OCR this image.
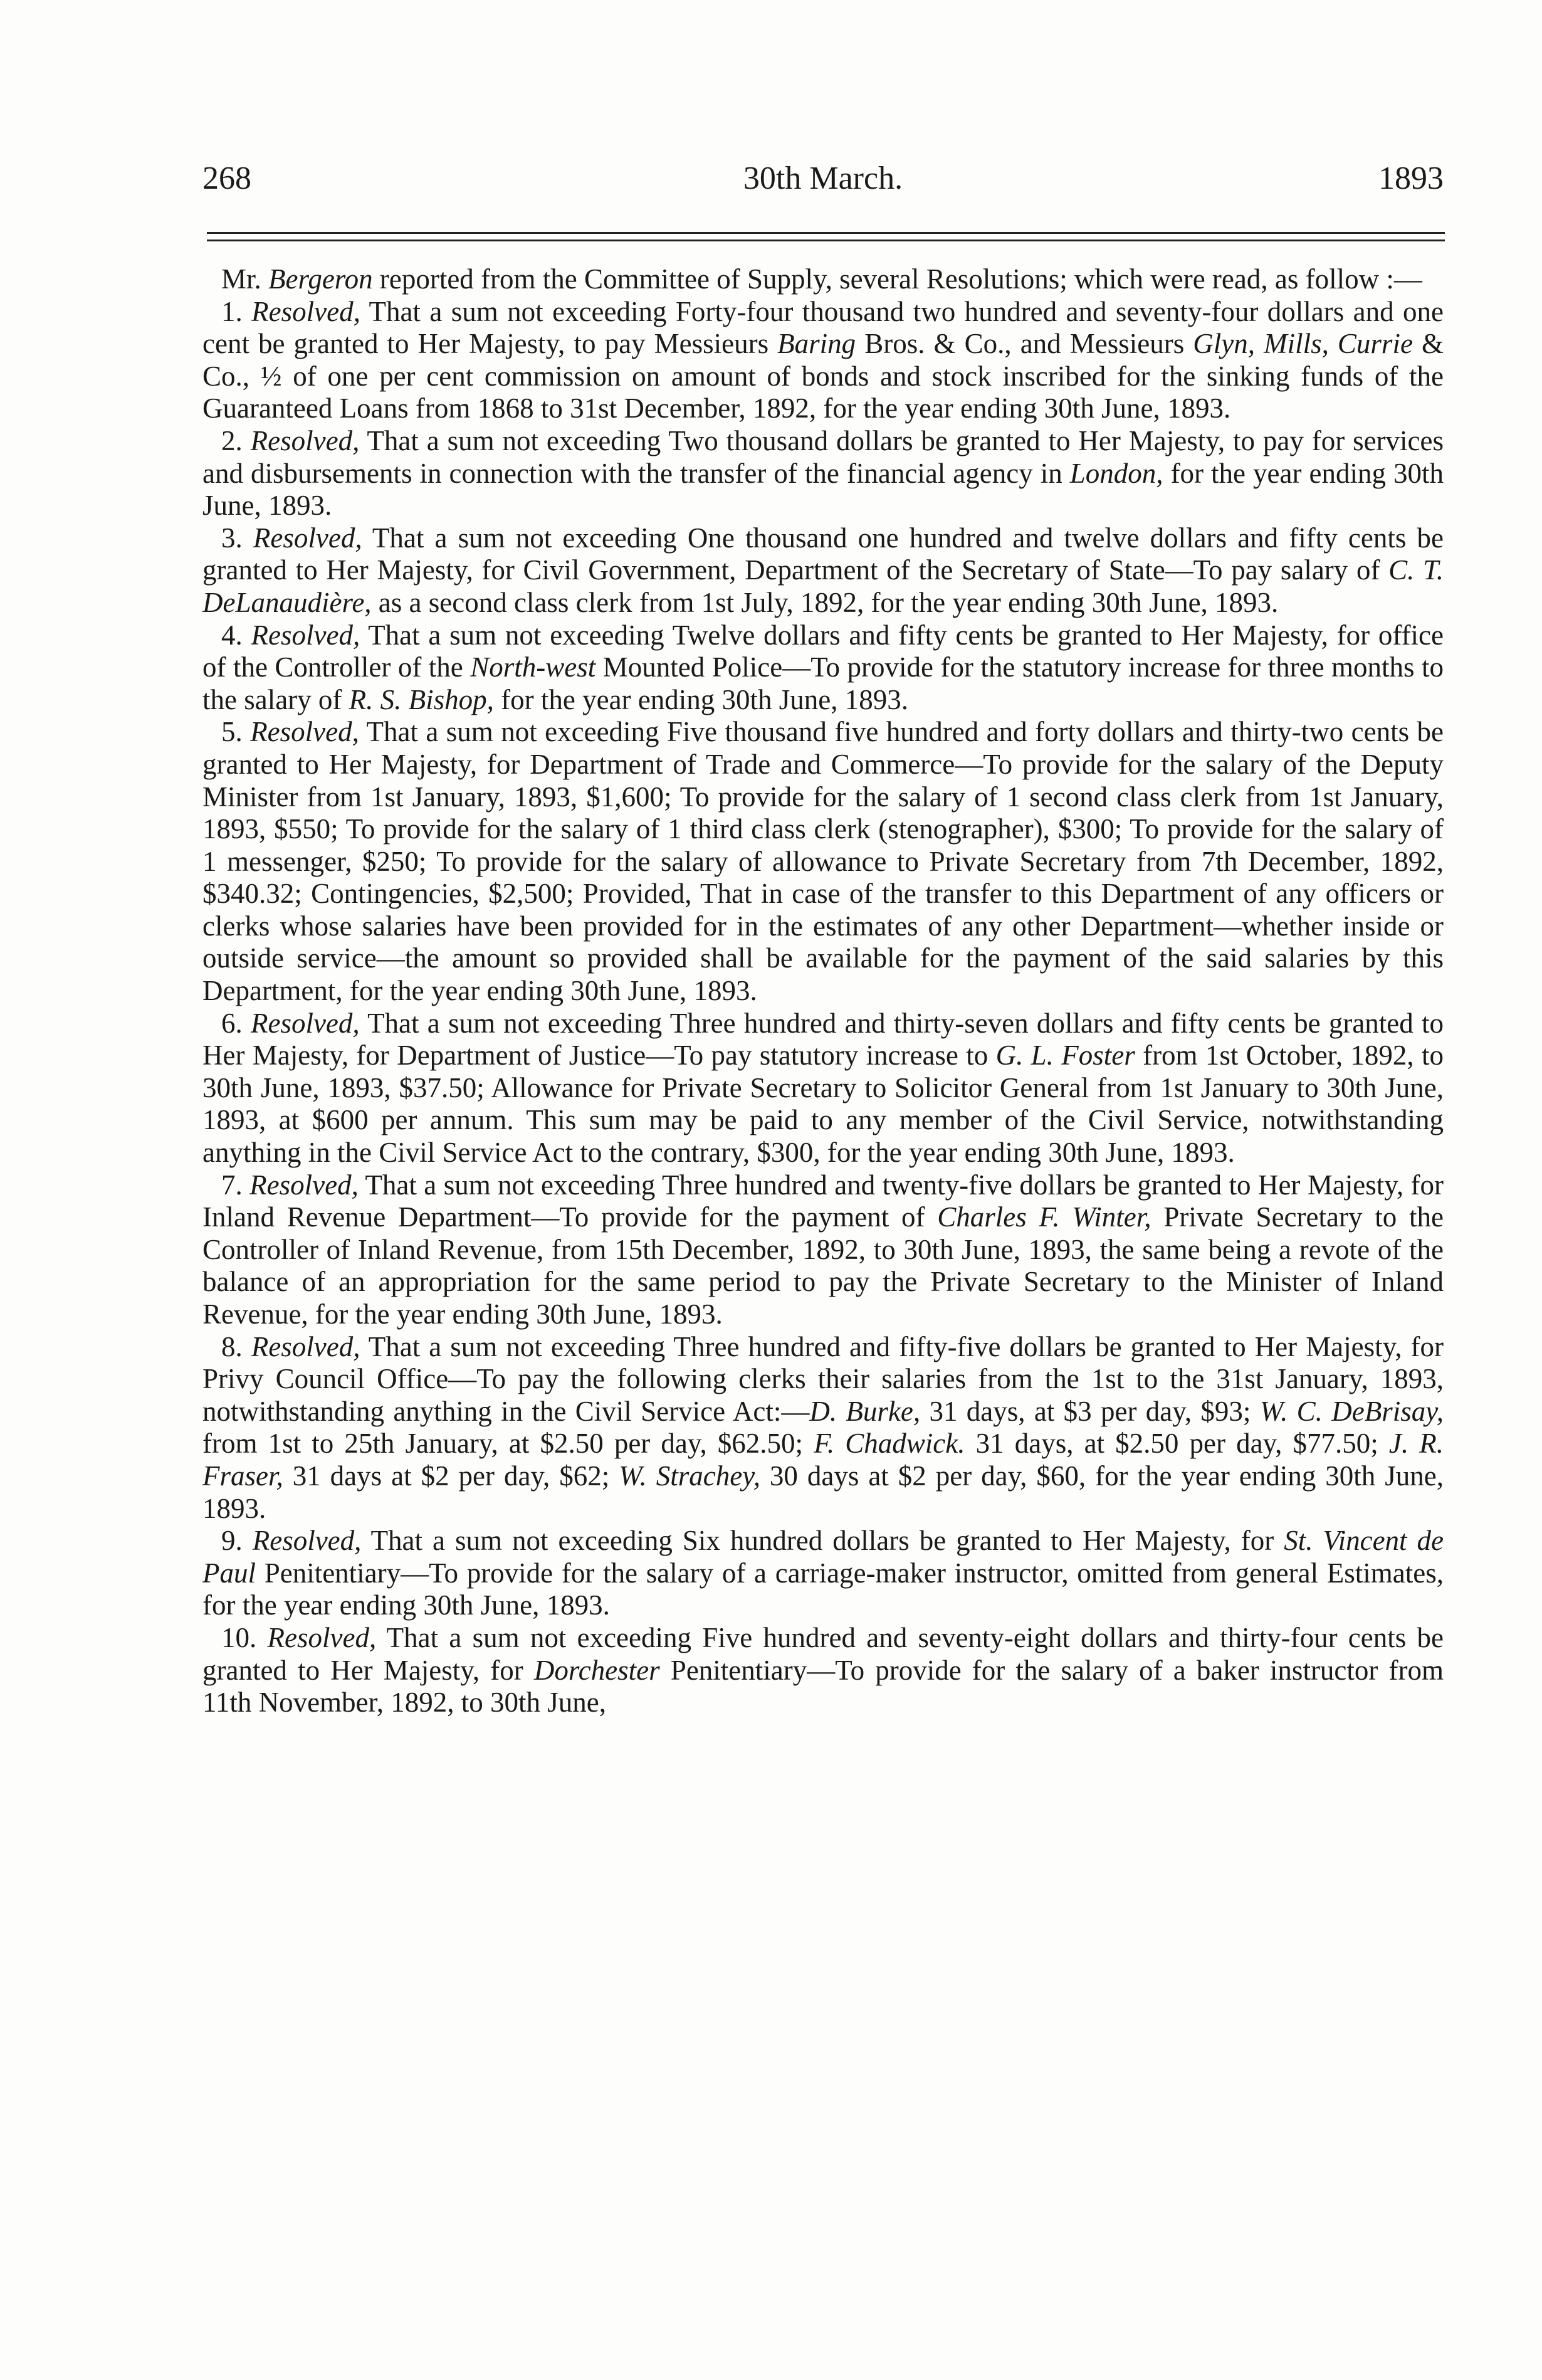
268	30th March.	1893

Mr. Bergeron reported from the Committee of Supply, several Resolutions; which were read, as follow :—

1. Resolved, That a sum not exceeding Forty-four thousand two hundred and seventy-four dollars and one cent be granted to Her Majesty, to pay Messieurs Baring Bros. & Co., and Messieurs Glyn, Mills, Currie & Co., ½ of one per cent commission on amount of bonds and stock inscribed for the sinking funds of the Guaranteed Loans from 1868 to 31st December, 1892, for the year ending 30th June, 1893.

2. Resolved, That a sum not exceeding Two thousand dollars be granted to Her Majesty, to pay for services and disbursements in connection with the transfer of the financial agency in London, for the year ending 30th June, 1893.

3. Resolved, That a sum not exceeding One thousand one hundred and twelve dollars and fifty cents be granted to Her Majesty, for Civil Government, Department of the Secretary of State—To pay salary of C. T. DeLanaudière, as a second class clerk from 1st July, 1892, for the year ending 30th June, 1893.

4. Resolved, That a sum not exceeding Twelve dollars and fifty cents be granted to Her Majesty, for office of the Controller of the North-west Mounted Police—To provide for the statutory increase for three months to the salary of R. S. Bishop, for the year ending 30th June, 1893.

5. Resolved, That a sum not exceeding Five thousand five hundred and forty dollars and thirty-two cents be granted to Her Majesty, for Department of Trade and Commerce—To provide for the salary of the Deputy Minister from 1st January, 1893, $1,600; To provide for the salary of 1 second class clerk from 1st January, 1893, $550; To provide for the salary of 1 third class clerk (stenographer), $300; To provide for the salary of 1 messenger, $250; To provide for the salary of allowance to Private Secretary from 7th December, 1892, $340.32; Contingencies, $2,500; Provided, That in case of the transfer to this Department of any officers or clerks whose salaries have been provided for in the estimates of any other Department—whether inside or outside service—the amount so provided shall be available for the payment of the said salaries by this Department, for the year ending 30th June, 1893.

6. Resolved, That a sum not exceeding Three hundred and thirty-seven dollars and fifty cents be granted to Her Majesty, for Department of Justice—To pay statutory increase to G. L. Foster from 1st October, 1892, to 30th June, 1893, $37.50; Allowance for Private Secretary to Solicitor General from 1st January to 30th June, 1893, at $600 per annum. This sum may be paid to any member of the Civil Service, notwithstanding anything in the Civil Service Act to the contrary, $300, for the year ending 30th June, 1893.

7. Resolved, That a sum not exceeding Three hundred and twenty-five dollars be granted to Her Majesty, for Inland Revenue Department—To provide for the payment of Charles F. Winter, Private Secretary to the Controller of Inland Revenue, from 15th December, 1892, to 30th June, 1893, the same being a revote of the balance of an appropriation for the same period to pay the Private Secretary to the Minister of Inland Revenue, for the year ending 30th June, 1893.

8. Resolved, That a sum not exceeding Three hundred and fifty-five dollars be granted to Her Majesty, for Privy Council Office—To pay the following clerks their salaries from the 1st to the 31st January, 1893, notwithstanding anything in the Civil Service Act:—D. Burke, 31 days, at $3 per day, $93; W. C. DeBrisay, from 1st to 25th January, at $2.50 per day, $62.50; F. Chadwick. 31 days, at $2.50 per day, $77.50; J. R. Fraser, 31 days at $2 per day, $62; W. Strachey, 30 days at $2 per day, $60, for the year ending 30th June, 1893.

9. Resolved, That a sum not exceeding Six hundred dollars be granted to Her Majesty, for St. Vincent de Paul Penitentiary—To provide for the salary of a carriage-maker instructor, omitted from general Estimates, for the year ending 30th June, 1893.

10. Resolved, That a sum not exceeding Five hundred and seventy-eight dollars and thirty-four cents be granted to Her Majesty, for Dorchester Penitentiary—To provide for the salary of a baker instructor from 11th November, 1892, to 30th June,
